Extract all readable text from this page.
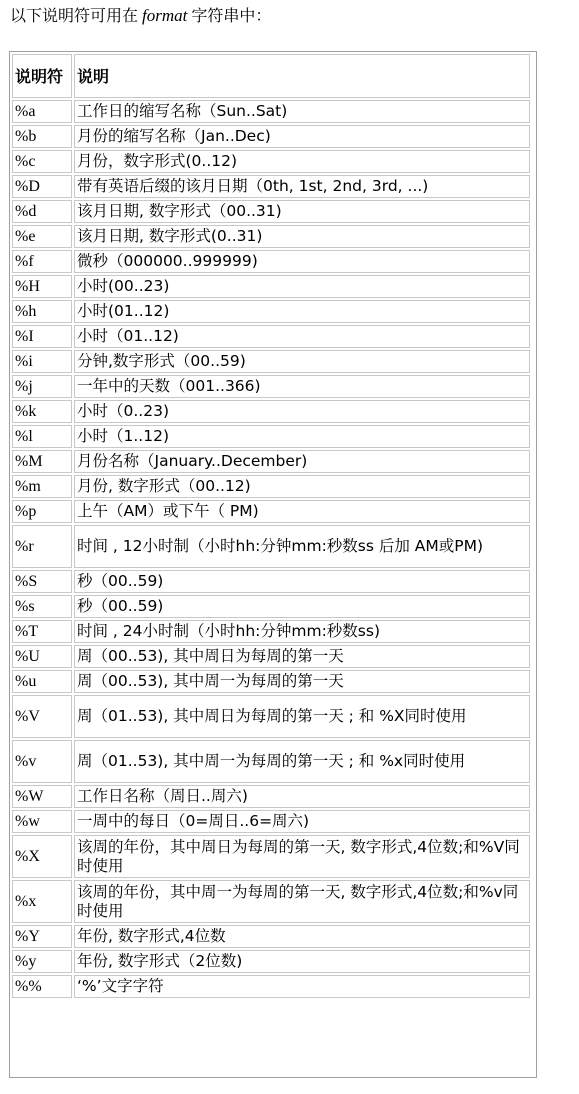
以下说明符可用在 format 字符串中：
说明符	说明
%a	工作日的缩写名称（Sun..Sat)
%b	月份的缩写名称（Jan..Dec)
%c	月份，数字形式(0..12)
%D	带有英语后缀的该月日期（0th, 1st, 2nd, 3rd, ...)
%d	该月日期, 数字形式（00..31)
%e	该月日期, 数字形式(0..31)
%f	微秒（000000..999999)
%H	小时(00..23)
%h	小时(01..12)
%I	小时（01..12)
%i	分钟,数字形式（00..59)
%j	一年中的天数（001..366)
%k	小时（0..23)
%l	小时（1..12)
%M	月份名称（January..December)
%m	月份, 数字形式（00..12)
%p	上午（AM）或下午（ PM)
%r	时间 , 12小时制（小时hh:分钟mm:秒数ss 后加 AM或PM)
%S	秒（00..59)
%s	秒（00..59)
%T	时间 , 24小时制（小时hh:分钟mm:秒数ss)
%U	周（00..53), 其中周日为每周的第一天
%u	周（00..53), 其中周一为每周的第一天
%V	周（01..53), 其中周日为每周的第一天 ; 和 %X同时使用
%v	周（01..53), 其中周一为每周的第一天 ; 和 %x同时使用
%W	工作日名称（周日..周六)
%w	一周中的每日（0=周日..6=周六)
%X	该周的年份，其中周日为每周的第一天, 数字形式,4位数;和%V同时使用
%x	该周的年份，其中周一为每周的第一天, 数字形式,4位数;和%v同时使用
%Y	年份, 数字形式,4位数
%y	年份, 数字形式（2位数)
%%	‘%’文字字符
